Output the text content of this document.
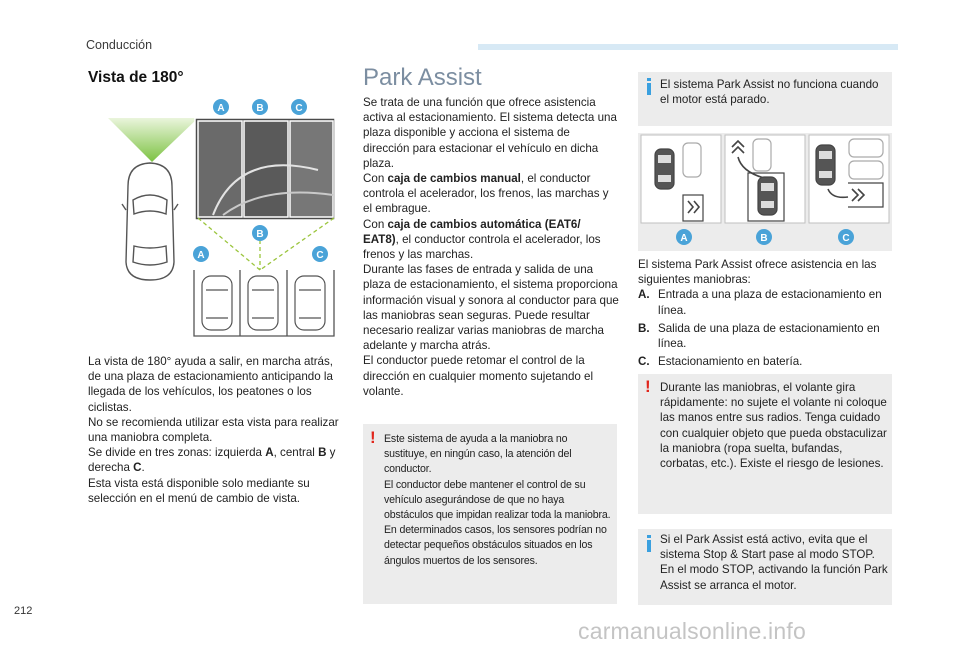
Conducción
Vista de 180°
A	B	C
A
B
C

La vista de 180° ayuda a salir, en marcha atrás, de una plaza de estacionamiento anticipando la llegada de los vehículos, los peatones o los ciclistas.

No se recomienda utilizar esta vista para realizar una maniobra completa.

Se divide en tres zonas: izquierda A, central B y derecha C.

Esta vista está disponible solo mediante su selección en el menú de cambio de vista.

Park Assist

Se trata de una función que ofrece asistencia activa al estacionamiento. El sistema detecta una plaza disponible y acciona el sistema de dirección para estacionar el vehículo en dicha plaza.

Con caja de cambios manual, el conductor controla el acelerador, los frenos, las marchas y el embrague.

Con caja de cambios automática (EAT6/ EAT8), el conductor controla el acelerador, los frenos y las marchas.

Durante las fases de entrada y salida de una plaza de estacionamiento, el sistema proporciona información visual y sonora al conductor para que las maniobras sean seguras. Puede resultar necesario realizar varias maniobras de marcha adelante y marcha atrás.

El conductor puede retomar el control de la dirección en cualquier momento sujetando el volante.

! Este sistema de ayuda a la maniobra no sustituye, en ningún caso, la atención del conductor.

El conductor debe mantener el control de su vehículo asegurándose de que no haya obstáculos que impidan realizar toda la maniobra.

En determinados casos, los sensores podrían no detectar pequeños obstáculos situados en los ángulos muertos de los sensores.

El sistema Park Assist no funciona cuando el motor está parado.
A	B	C

El sistema Park Assist ofrece asistencia en las siguientes maniobras:

A. Entrada a una plaza de estacionamiento en línea.
B. Salida de una plaza de estacionamiento en línea.
C. Estacionamiento en batería.
! Durante las maniobras, el volante gira rápidamente: no sujete el volante ni coloque las manos entre sus radios. Tenga cuidado con cualquier objeto que pueda obstaculizar la maniobra (ropa suelta, bufandas, corbatas, etc.). Existe el riesgo de lesiones.
Si el Park Assist está activo, evita que el sistema Stop & Start pase al modo STOP. En el modo STOP, activando la función Park Assist se arranca el motor.
212
carmanualsonline.info
